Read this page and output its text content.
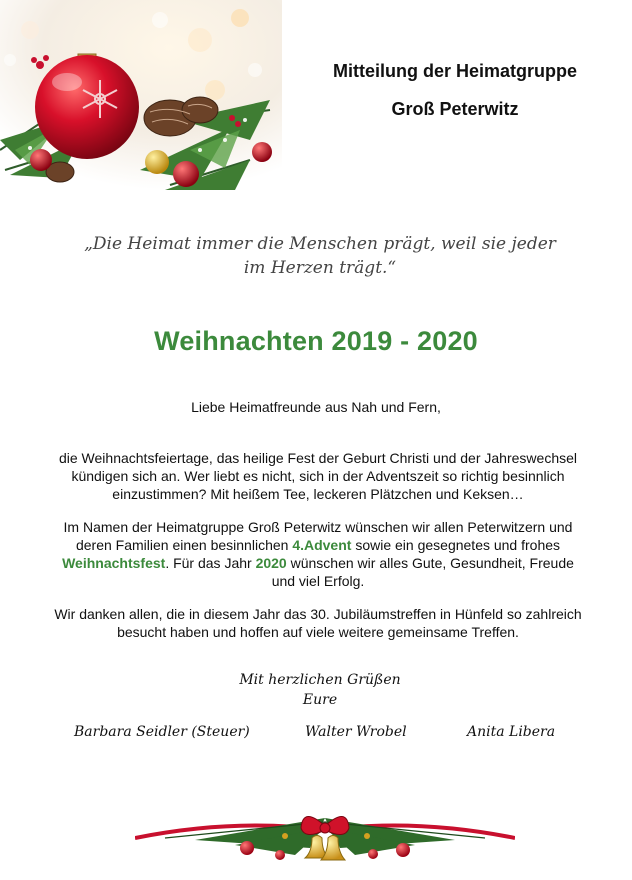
Mitteilung der Heimatgruppe
Groß Peterwitz
„Die Heimat immer die Menschen prägt, weil sie jeder
im Herzen trägt.“
Weihnachten 2019 - 2020
Liebe Heimatfreunde aus Nah und Fern,
die Weihnachtsfeiertage, das heilige Fest der Geburt Christi und der Jahreswechsel
kündigen sich an. Wer liebt es nicht, sich in der Adventszeit so richtig besinnlich
einzustimmen? Mit heißem Tee, leckeren Plätzchen und Keksen…
Im Namen der Heimatgruppe Groß Peterwitz wünschen wir allen Peterwitzern und
deren Familien einen besinnlichen 4.Advent sowie ein gesegnetes und frohes
Weihnachtsfest. Für das Jahr 2020 wünschen wir alles Gute, Gesundheit, Freude
und viel Erfolg.
Wir danken allen, die in diesem Jahr das 30. Jubiläumstreffen in Hünfeld so zahlreich
besucht haben und hoffen auf viele weitere gemeinsame Treffen.
Mit herzlichen Grüßen
Eure
Barbara Seidler (Steuer)	Walter Wrobel	Anita Libera
